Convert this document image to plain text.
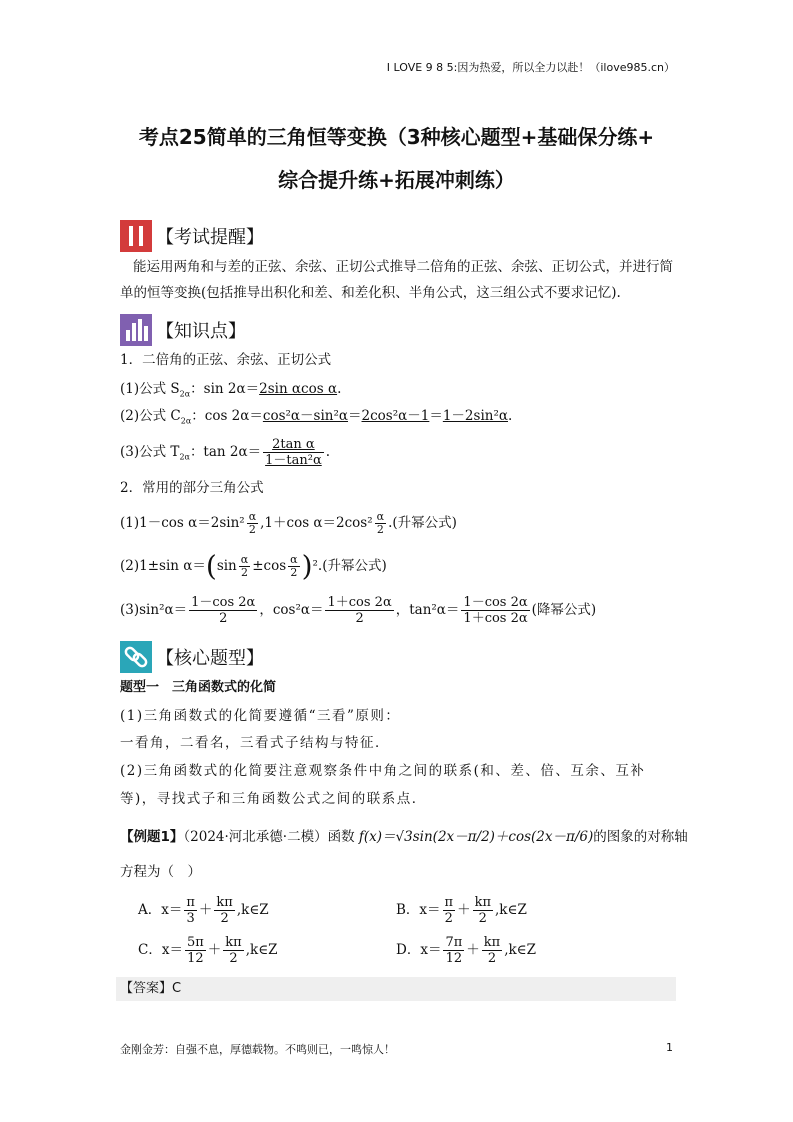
I LOVE 9 8 5:因为热爱，所以全力以赴！（ilove985.cn）
考点25简单的三角恒等变换（3种核心题型+基础保分练+
综合提升练+拓展冲刺练）
【考试提醒】
能运用两角和与差的正弦、余弦、正切公式推导二倍角的正弦、余弦、正切公式，并进行简单的恒等变换(包括推导出积化和差、和差化积、半角公式，这三组公式不要求记忆).
【知识点】
1．二倍角的正弦、余弦、正切公式
(1)公式 $S_{2\alpha}$：sin 2α＝2sin αcos α.
(2)公式 $C_{2\alpha}$：cos 2α＝cos²α－sin²α＝2cos²α－1＝1－2sin²α.
(3)公式 $T_{2\alpha}$：$\tan 2\alpha= \frac{\text{2tan α}}{\text{1－tan²α}}$ .
2．常用的部分三角公式
(1)1－cos $\alpha=2\sin^2 \frac{\alpha}{2} ,1+\cos$ $\alpha=2\cos^2 \frac{\alpha}{2}$ .(升幂公式)
(2)1±sin $\alpha=(\sin \frac{\alpha}{2} \pm\cos \frac{\alpha}{2} )^2$.(升幂公式)
$(3)\sin^2\alpha= \frac{1-\cos 2\alpha}{2}$ ，$\cos^2\alpha= \frac{1+\cos 2\alpha}{2}$ ，$\tan^2\alpha= \frac{1-\cos 2\alpha}{1+\cos 2\alpha}$ (降幂公式)
【核心题型】
题型一　三角函数式的化简
(1)三角函数式的化简要遵循“三看”原则：
一看角，二看名，三看式子结构与特征．
(2)三角函数式的化简要注意观察条件中角之间的联系(和、差、倍、互余、互补等)，寻找式子和三角函数公式之间的联系点．
【例题1】（2024·河北承德·二模）函数 f(x)＝√3sin(2x－π/2)＋cos(2x－π/6)的图象的对称轴
方程为（　）
A．$x= \frac{\pi}{3} + \frac{k\pi}{2}$ ,k∈Z	B．$x= \frac{\pi}{2} + \frac{k\pi}{2}$ ,k∈Z
C．$x= \frac{5\pi}{12} + \frac{k\pi}{2}$ ,k∈Z	D．$x= \frac{7\pi}{12} + \frac{k\pi}{2}$ ,k∈Z
【答案】C
金刚金芳：自强不息，厚德载物。不鸣则已，一鸣惊人！	1
